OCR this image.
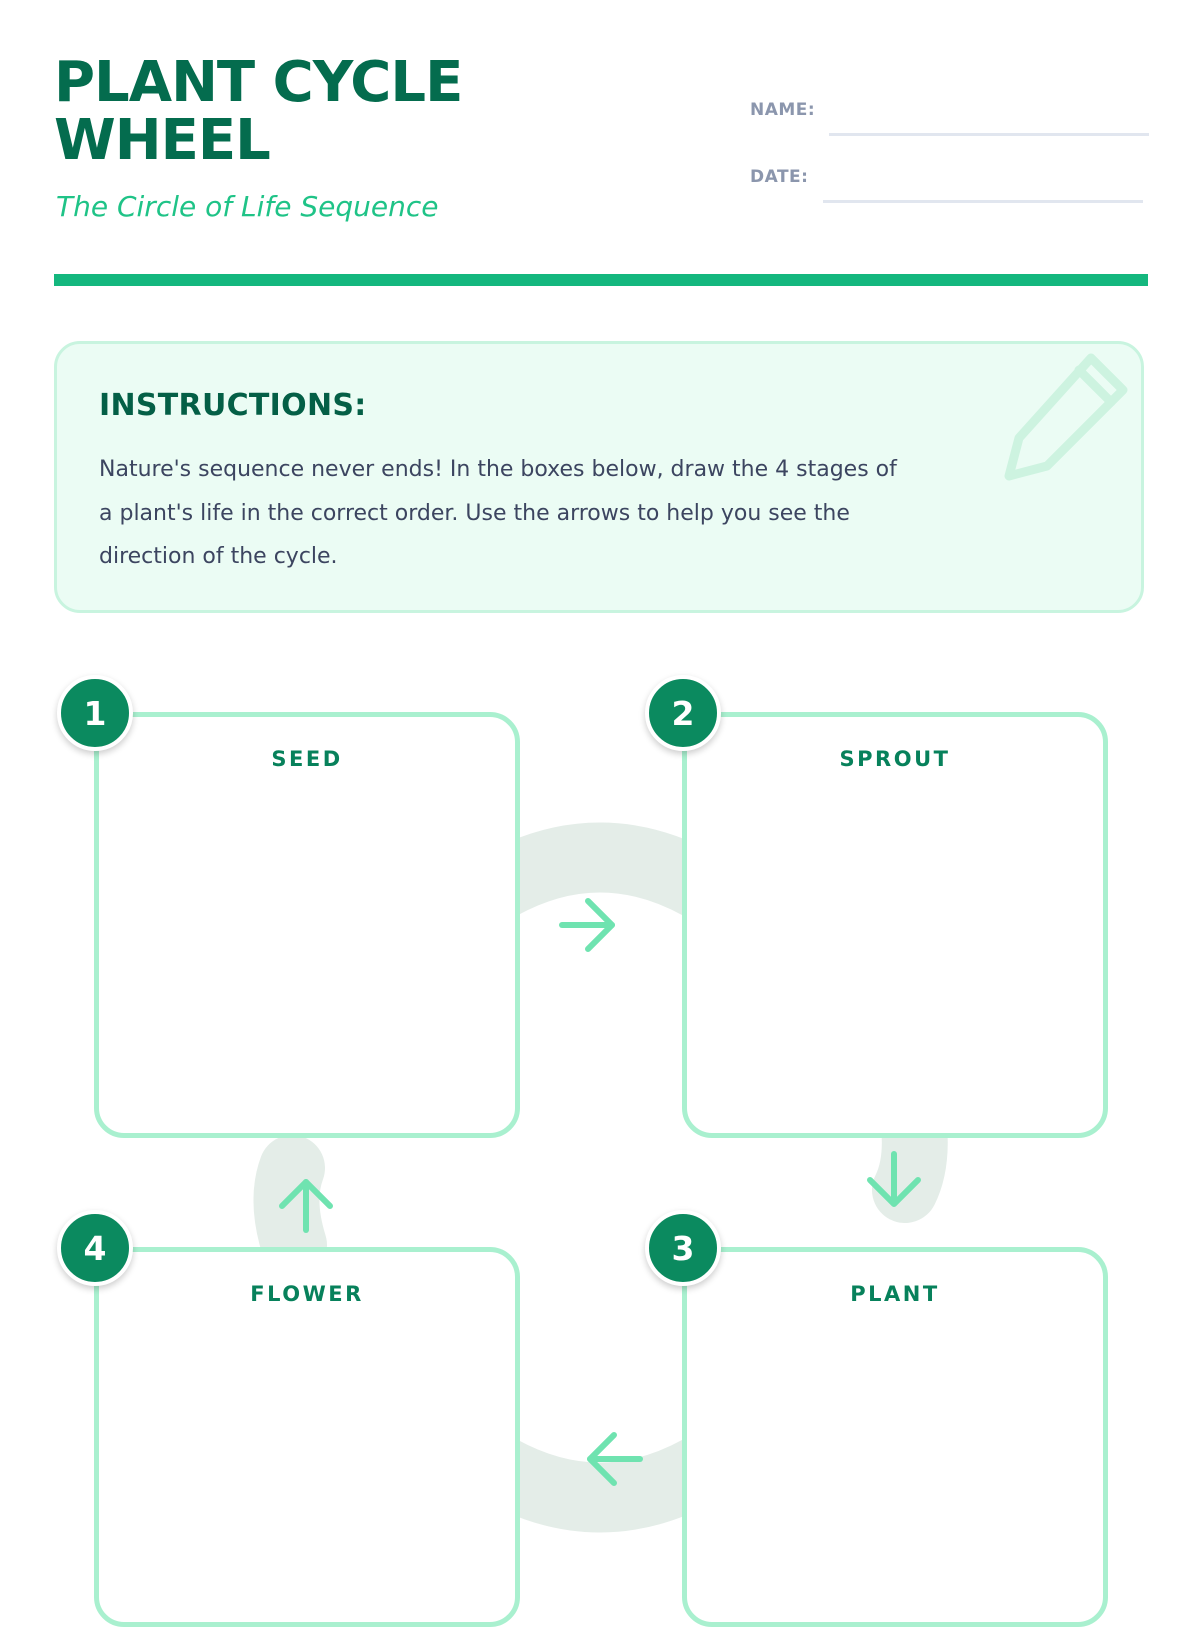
PLANT CYCLE WHEEL

The Circle of Life Sequence

NAME:
DATE:
INSTRUCTIONS:

Nature's sequence never ends! In the boxes below, draw the 4 stages of a plant's life in the correct order. Use the arrows to help you see the direction of the cycle.

SEED	SPROUT
FLOWER	PLANT
1	2
3
4
